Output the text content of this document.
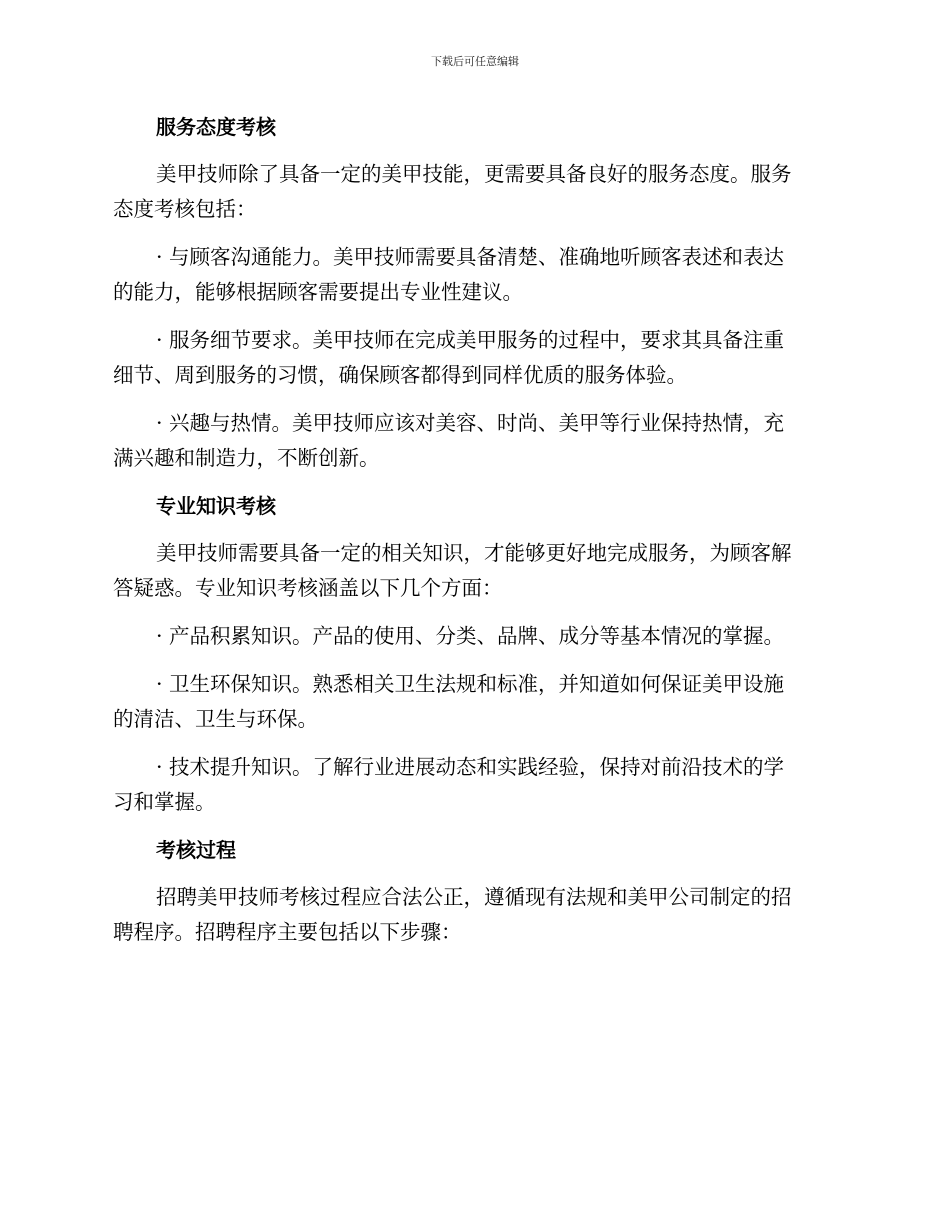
下载后可任意编辑
服务态度考核

美甲技师除了具备一定的美甲技能，更需要具备良好的服务态度。服务
态度考核包括：

· 与顾客沟通能力。美甲技师需要具备清楚、准确地听顾客表述和表达
的能力，能够根据顾客需要提出专业性建议。

· 服务细节要求。美甲技师在完成美甲服务的过程中，要求其具备注重
细节、周到服务的习惯，确保顾客都得到同样优质的服务体验。

· 兴趣与热情。美甲技师应该对美容、时尚、美甲等行业保持热情，充
满兴趣和制造力，不断创新。

专业知识考核

美甲技师需要具备一定的相关知识，才能够更好地完成服务，为顾客解
答疑惑。专业知识考核涵盖以下几个方面：

· 产品积累知识。产品的使用、分类、品牌、成分等基本情况的掌握。

· 卫生环保知识。熟悉相关卫生法规和标准，并知道如何保证美甲设施
的清洁、卫生与环保。

· 技术提升知识。了解行业进展动态和实践经验，保持对前沿技术的学
习和掌握。

考核过程

招聘美甲技师考核过程应合法公正，遵循现有法规和美甲公司制定的招
聘程序。招聘程序主要包括以下步骤：
